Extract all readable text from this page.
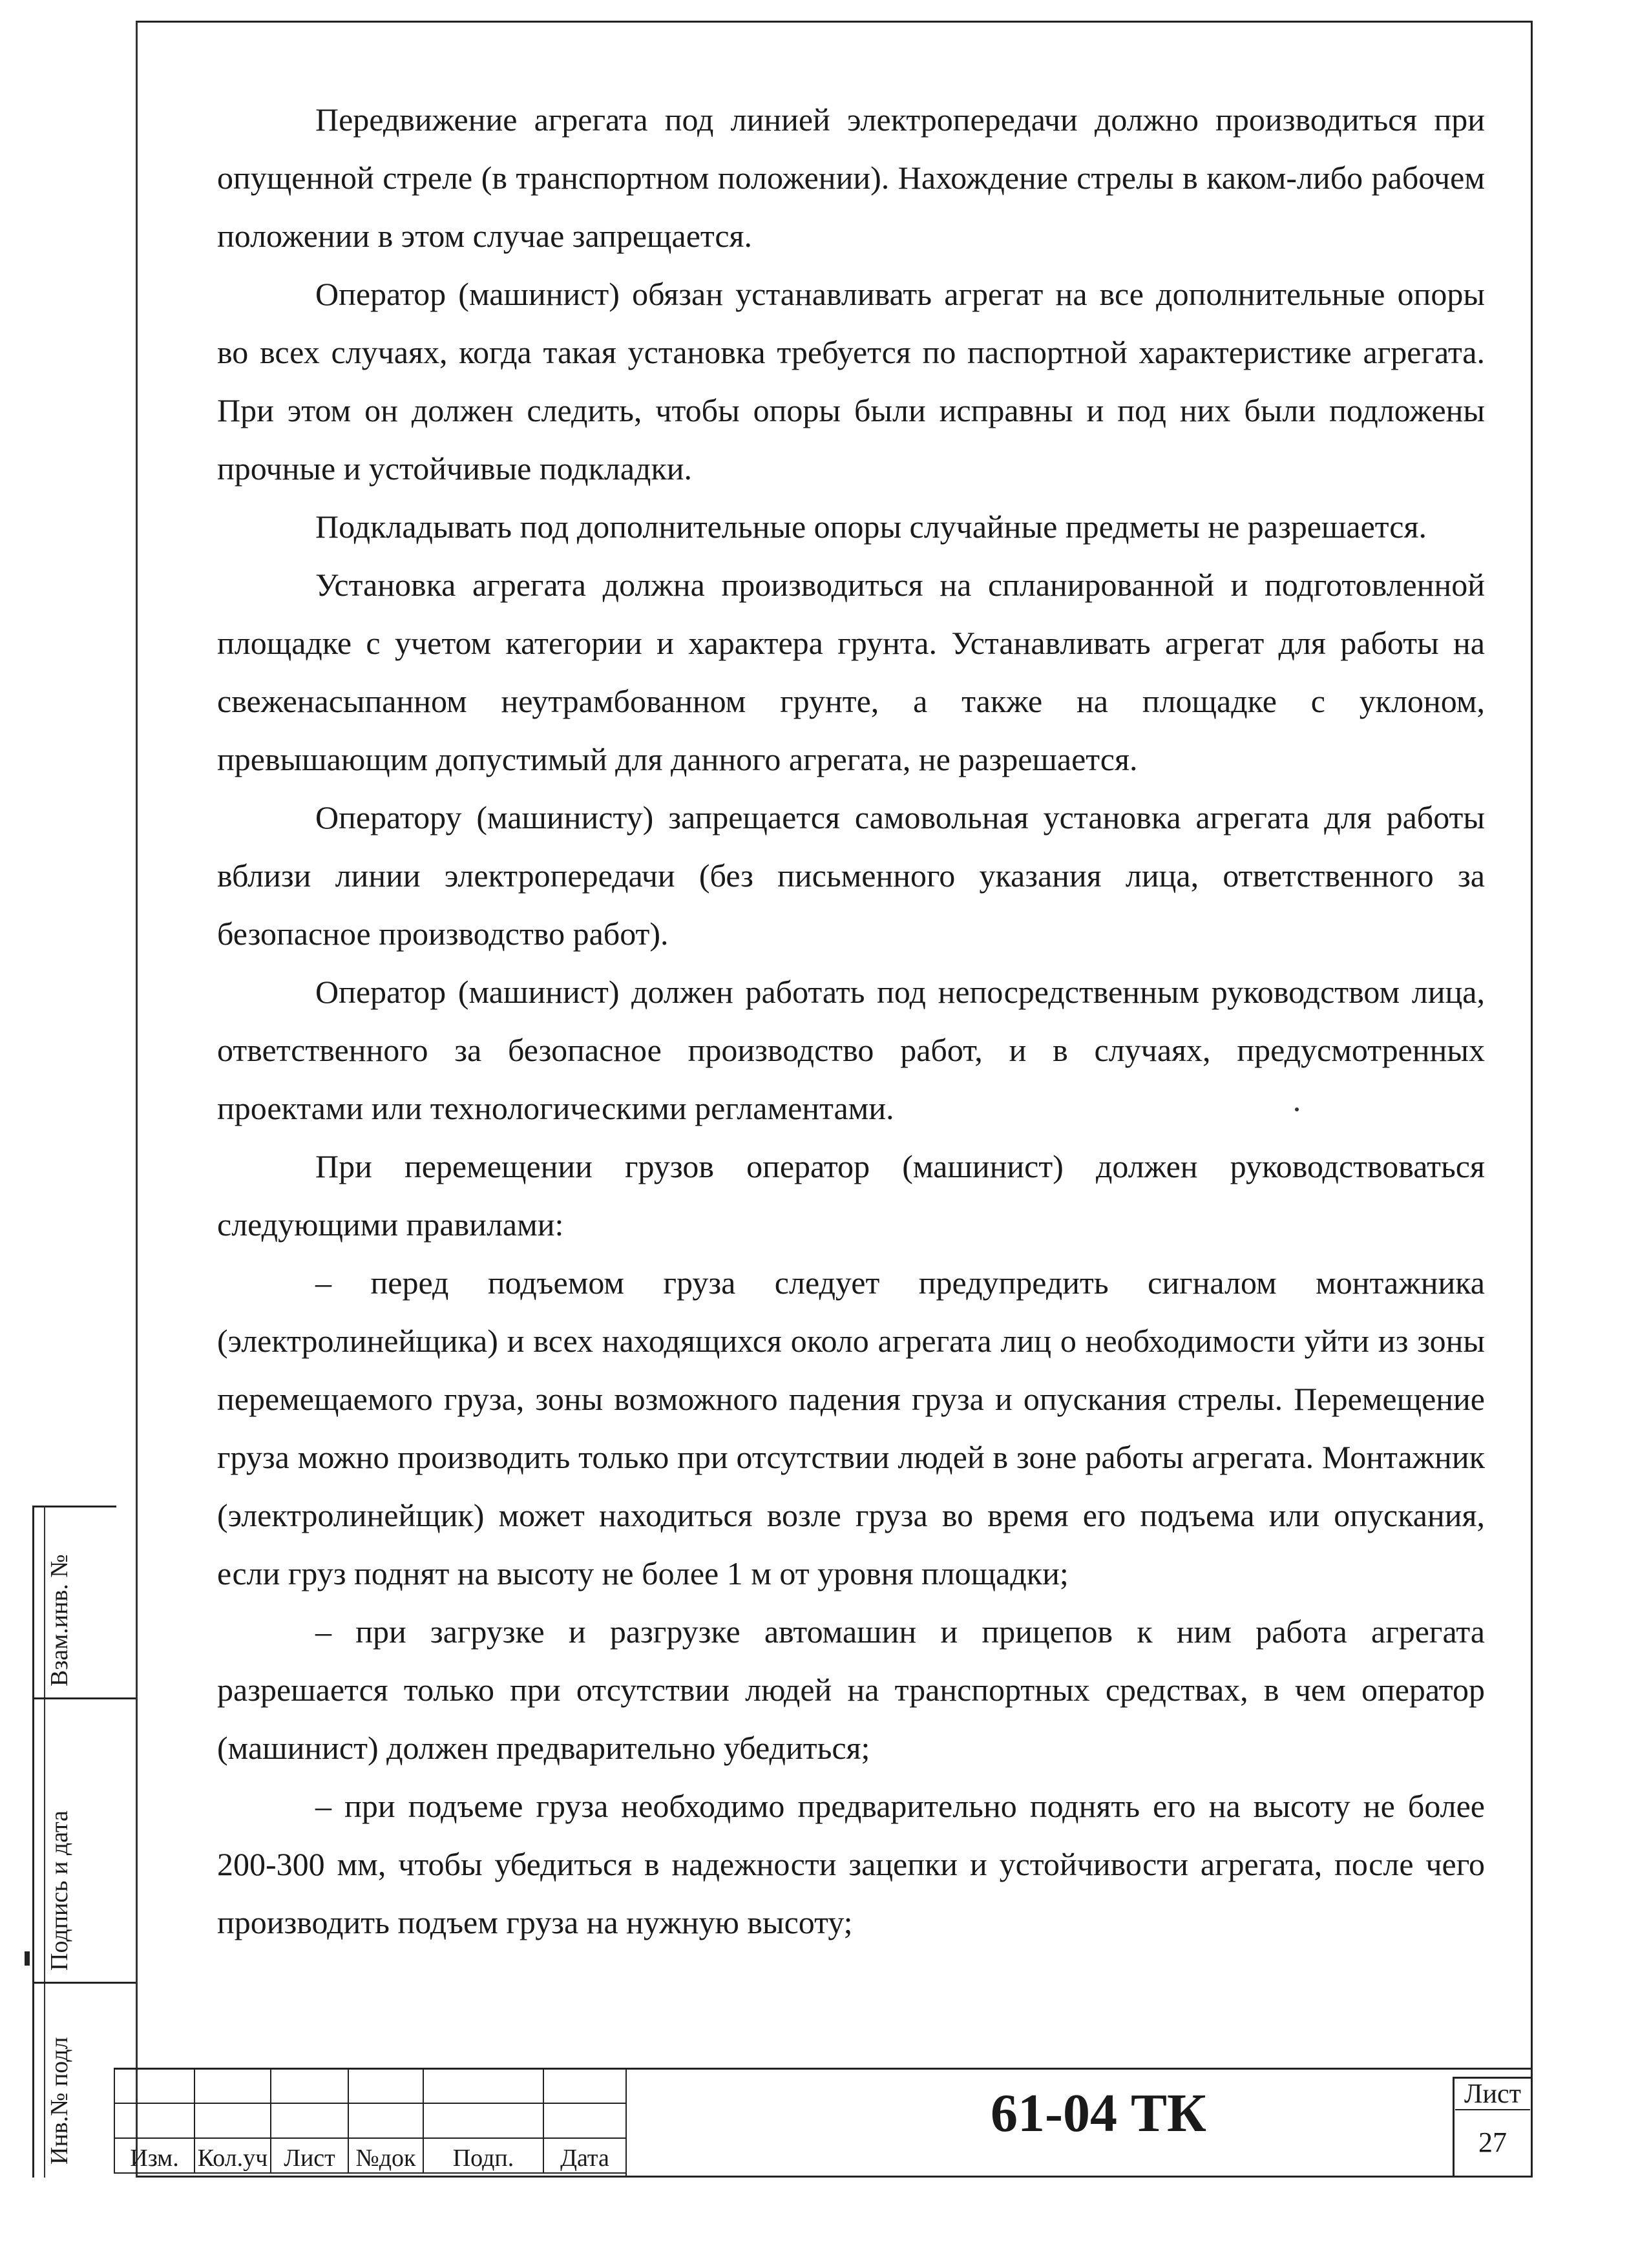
Передвижение агрегата под линией электропередачи должно производиться при опущенной стреле (в транспортном положении). Нахождение стрелы в каком-либо рабочем положении в этом случае запрещается.

Оператор (машинист) обязан устанавливать агрегат на все дополнительные опоры во всех случаях, когда такая установка требуется по паспортной характеристике агрегата. При этом он должен следить, чтобы опоры были исправны и под них были подложены прочные и устойчивые подкладки.

Подкладывать под дополнительные опоры случайные предметы не разрешается.

Установка агрегата должна производиться на спланированной и подготовленной площадке с учетом категории и характера грунта. Устанавливать агрегат для работы на свеженасыпанном неутрамбованном грунте, а также на площадке с уклоном, превышающим допустимый для данного агрегата, не разрешается.

Оператору (машинисту) запрещается самовольная установка агрегата для работы вблизи линии электропередачи (без письменного указания лица, ответственного за безопасное производство работ).

Оператор (машинист) должен работать под непосредственным руководством лица, ответственного за безопасное производство работ, и в случаях, предусмотренных проектами или технологическими регламентами.

При перемещении грузов оператор (машинист) должен руководствоваться следующими правилами:

– перед подъемом груза следует предупредить сигналом монтажника (электролинейщика) и всех находящихся около агрегата лиц о необходимости уйти из зоны перемещаемого груза, зоны возможного падения груза и опускания стрелы. Перемещение груза можно производить только при отсутствии людей в зоне работы агрегата. Монтажник (электролинейщик) может находиться возле груза во время его подъема или опускания, если груз поднят на высоту не более 1 м от уровня площадки;

– при загрузке и разгрузке автомашин и прицепов к ним работа агрегата разрешается только при отсутствии людей на транспортных средствах, в чем оператор (машинист) должен предварительно убедиться;

– при подъеме груза необходимо предварительно поднять его на высоту не более 200-300 мм, чтобы убедиться в надежности зацепки и устойчивости агрегата, после чего производить подъем груза на нужную высоту;

Взам.инв. №
Подпись и дата
Инв.№ подл

					Изм.	Кол.уч	Лист	№док	Подп.	Дата
61-04 ТК	Лист
27
